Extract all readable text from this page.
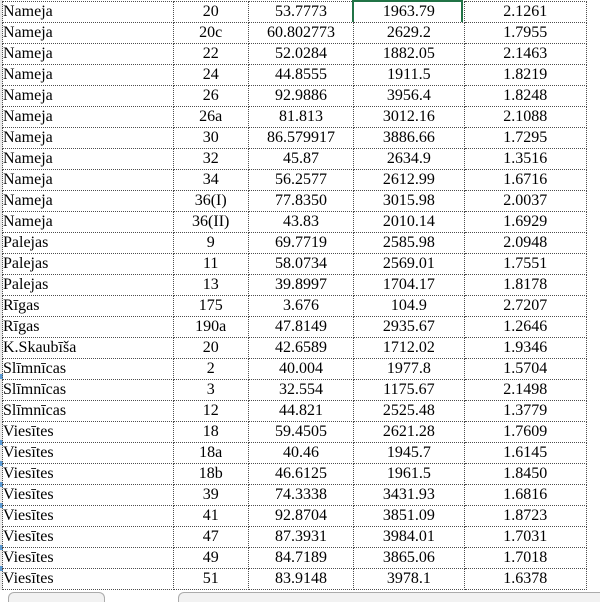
Nameja	20	53.7773	1963.79	2.1261
Nameja	20c	60.802773	2629.2	1.7955
Nameja	22	52.0284	1882.05	2.1463
Nameja	24	44.8555	1911.5	1.8219
Nameja	26	92.9886	3956.4	1.8248
Nameja	26a	81.813	3012.16	2.1088
Nameja	30	86.579917	3886.66	1.7295
Nameja	32	45.87	2634.9	1.3516
Nameja	34	56.2577	2612.99	1.6716
Nameja	36(I)	77.8350	3015.98	2.0037
Nameja	36(II)	43.83	2010.14	1.6929
Palejas	9	69.7719	2585.98	2.0948
Palejas	11	58.0734	2569.01	1.7551
Palejas	13	39.8997	1704.17	1.8178
Rīgas	175	3.676	104.9	2.7207
Rīgas	190a	47.8149	2935.67	1.2646
K.Skaubīša	20	42.6589	1712.02	1.9346
Slīmnīcas	2	40.004	1977.8	1.5704
Slīmnīcas	3	32.554	1175.67	2.1498
Slīmnīcas	12	44.821	2525.48	1.3779
Viesītes	18	59.4505	2621.28	1.7609
Viesītes	18a	40.46	1945.7	1.6145
Viesītes	18b	46.6125	1961.5	1.8450
Viesītes	39	74.3338	3431.93	1.6816
Viesītes	41	92.8704	3851.09	1.8723
Viesītes	47	87.3931	3984.01	1.7031
Viesītes	49	84.7189	3865.06	1.7018
Viesītes	51	83.9148	3978.1	1.6378
